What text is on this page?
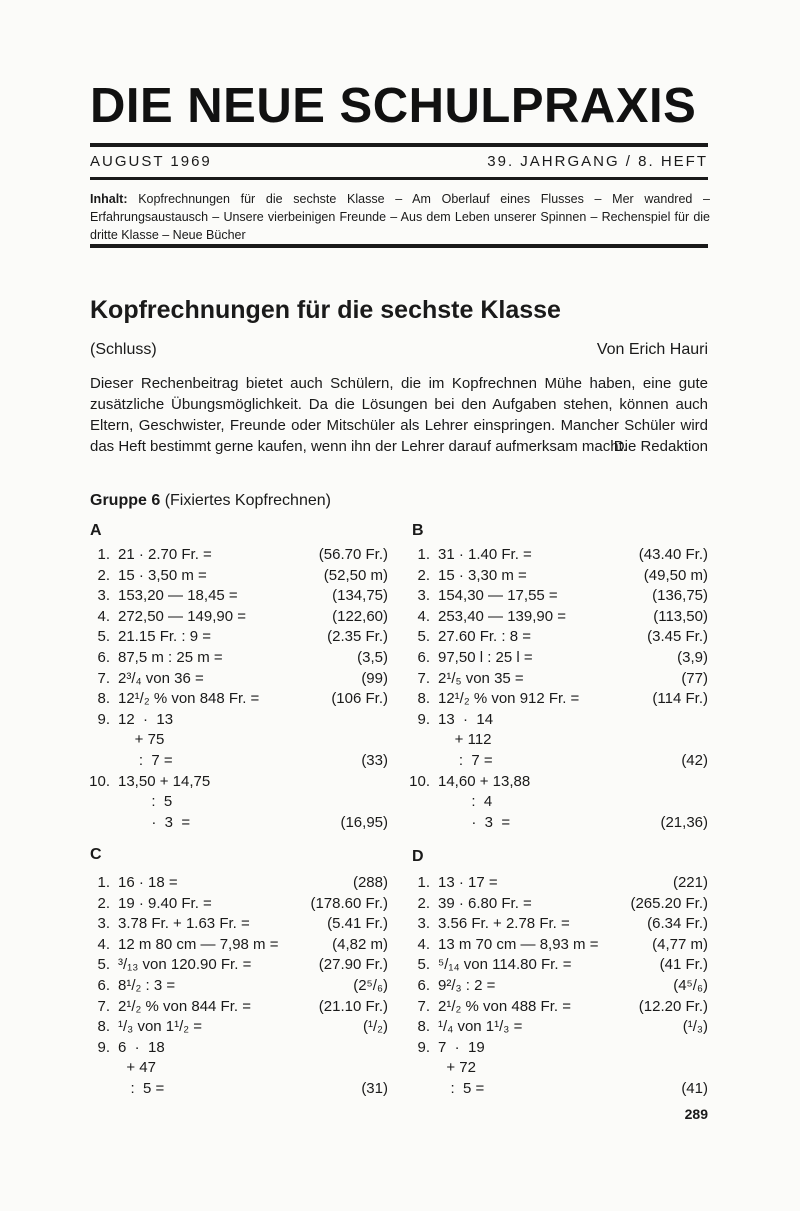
DIE NEUE SCHULPRAXIS
AUGUST 1969	39. JAHRGANG / 8. HEFT
Inhalt: Kopfrechnungen für die sechste Klasse – Am Oberlauf eines Flusses – Mer wandred – Erfahrungsaustausch – Unsere vierbeinigen Freunde – Aus dem Leben unserer Spinnen – Rechenspiel für die dritte Klasse – Neue Bücher
Kopfrechnungen für die sechste Klasse
(Schluss)	Von Erich Hauri
Dieser Rechenbeitrag bietet auch Schülern, die im Kopfrechnen Mühe haben, eine gute zusätzliche Übungsmöglichkeit. Da die Lösungen bei den Aufgaben stehen, können auch Eltern, Geschwister, Freunde oder Mitschüler als Lehrer einspringen. Mancher Schüler wird das Heft bestimmt gerne kaufen, wenn ihn der Lehrer darauf aufmerksam macht.
Die Redaktion
Gruppe 6 (Fixiertes Kopfrechnen)
A	B
C	D
1. 21 · 2.70 Fr. =	(56.70 Fr.)
2. 15 · 3,50 m =	(52,50 m)
3. 153,20 — 18,45 =	(134,75)
4. 272,50 — 149,90 =	(122,60)
5. 21.15 Fr. : 9 =	(2.35 Fr.)
6. 87,5 m : 25 m =	(3,5)
7. 2³/₄ von 36 =	(99)
8. 12¹/₂ % von 848 Fr. =	(106 Fr.)
9. 12  ·  13
+ 75
:  7 =	(33)
10. 13,50 + 14,75
:  5
·  3  =	(16,95)
1. 31 · 1.40 Fr. =	(43.40 Fr.)
2. 15 · 3,30 m =	(49,50 m)
3. 154,30 — 17,55 =	(136,75)
4. 253,40 — 139,90 =	(113,50)
5. 27.60 Fr. : 8 =	(3.45 Fr.)
6. 97,50 l : 25 l =	(3,9)
7. 2¹/₅ von 35 =	(77)
8. 12¹/₂ % von 912 Fr. =	(114 Fr.)
9. 13  ·  14
+ 112
:  7 =	(42)
10. 14,60 + 13,88
:  4
·  3  =	(21,36)
1. 16 · 18 =	(288)
2. 19 · 9.40 Fr. =	(178.60 Fr.)
3. 3.78 Fr. + 1.63 Fr. =	(5.41 Fr.)
4. 12 m 80 cm — 7,98 m =	(4,82 m)
5. ³/₁₃ von 120.90 Fr. =	(27.90 Fr.)
6. 8¹/₂ : 3 =	(2⁵/₆)
7. 2¹/₂ % von 844 Fr. =	(21.10 Fr.)
8. ¹/₃ von 1¹/₂ =	(¹/₂)
9. 6  ·  18
+ 47
:  5 =	(31)
1. 13 · 17 =	(221)
2. 39 · 6.80 Fr. =	(265.20 Fr.)
3. 3.56 Fr. + 2.78 Fr. =	(6.34 Fr.)
4. 13 m 70 cm — 8,93 m =	(4,77 m)
5. ⁵/₁₄ von 114.80 Fr. =	(41 Fr.)
6. 9²/₃ : 2 =	(4⁵/₆)
7. 2¹/₂ % von 488 Fr. =	(12.20 Fr.)
8. ¹/₄ von 1¹/₃ =	(¹/₃)
9. 7  ·  19
+ 72
:  5 =	(41)
289
